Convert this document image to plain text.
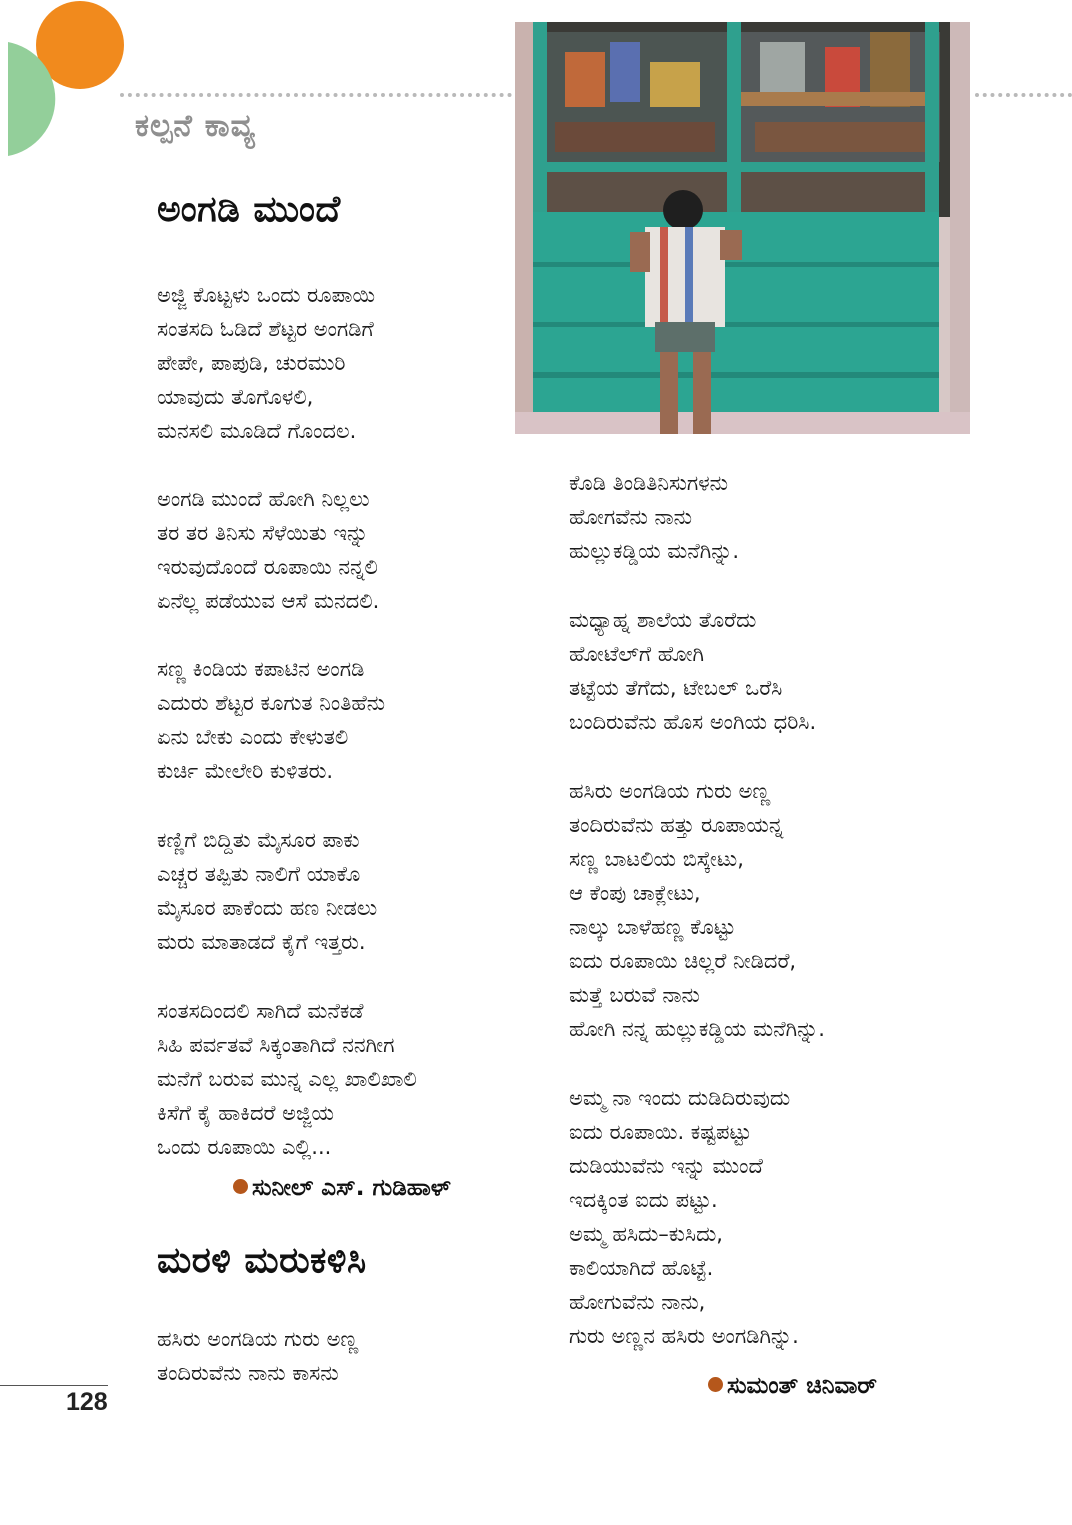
ಕಲ್ಪನೆ ಕಾವ್ಯ
ಅಂಗಡಿ ಮುಂದೆ
ಅಜ್ಜಿ ಕೊಟ್ಟಳು ಒಂದು ರೂಪಾಯಿ
ಸಂತಸದಿ ಓಡಿದೆ ಶೆಟ್ಟರ ಅಂಗಡಿಗೆ
ಪೇಪೇ, ಪಾಪುಡಿ, ಚುರಮುರಿ
ಯಾವುದು ತೊಗೊಳಲಿ,
ಮನಸಲಿ ಮೂಡಿದೆ ಗೊಂದಲ.
ಅಂಗಡಿ ಮುಂದೆ ಹೋಗಿ ನಿಲ್ಲಲು
ತರ ತರ ತಿನಿಸು ಸೆಳೆಯಿತು ಇನ್ನು
ಇರುವುದೊಂದೆ ರೂಪಾಯಿ ನನ್ನಲಿ
ಏನೆಲ್ಲ ಪಡೆಯುವ ಆಸೆ ಮನದಲಿ.
ಸಣ್ಣ ಕಿಂಡಿಯ ಕಪಾಟಿನ ಅಂಗಡಿ
ಎದುರು ಶೆಟ್ಟರ ಕೂಗುತ ನಿಂತಿಹೆನು
ಏನು ಬೇಕು ಎಂದು ಕೇಳುತಲಿ
ಕುರ್ಚಿ ಮೇಲೇರಿ ಕುಳಿತರು.
ಕಣ್ಣಿಗೆ ಬಿದ್ದಿತು ಮೈಸೂರ ಪಾಕು
ಎಚ್ಚರ ತಪ್ಪಿತು ನಾಲಿಗೆ ಯಾಕೊ
ಮೈಸೂರ ಪಾಕೆಂದು ಹಣ ನೀಡಲು
ಮರು ಮಾತಾಡದೆ ಕೈಗೆ ಇತ್ತರು.
ಸಂತಸದಿಂದಲಿ ಸಾಗಿದೆ ಮನೆಕಡೆ
ಸಿಹಿ ಪರ್ವತವೆ ಸಿಕ್ಕಂತಾಗಿದೆ ನನಗೀಗ
ಮನೆಗೆ ಬರುವ ಮುನ್ನ ಎಲ್ಲ ಖಾಲಿಖಾಲಿ
ಕಿಸೆಗೆ ಕೈ ಹಾಕಿದರೆ ಅಜ್ಜಿಯ
ಒಂದು ರೂಪಾಯಿ ಎಲ್ಲಿ...
ಸುನೀಲ್ ಎಸ್. ಗುಡಿಹಾಳ್
ಮರಳಿ ಮರುಕಳಿಸಿ
ಹಸಿರು ಅಂಗಡಿಯ ಗುರು ಅಣ್ಣ
ತಂದಿರುವೆನು ನಾನು ಕಾಸನು
ಕೊಡಿ ತಿಂಡಿತಿನಿಸುಗಳನು
ಹೋಗವೆನು ನಾನು
ಹುಲ್ಲುಕಡ್ಡಿಯ ಮನೆಗಿನ್ನು.
ಮಧ್ಯಾಹ್ನ ಶಾಲೆಯ ತೊರೆದು
ಹೋಟೆಲ್‌ಗೆ ಹೋಗಿ
ತಟ್ಟೆಯ ತೆಗೆದು, ಟೇಬಲ್ ಒರೆಸಿ
ಬಂದಿರುವೆನು ಹೊಸ ಅಂಗಿಯ ಧರಿಸಿ.
ಹಸಿರು ಅಂಗಡಿಯ ಗುರು ಅಣ್ಣ
ತಂದಿರುವೆನು ಹತ್ತು ರೂಪಾಯನ್ನ
ಸಣ್ಣ ಬಾಟಲಿಯ ಬಿಸ್ಕೇಟು,
ಆ ಕೆಂಪು ಚಾಕ್ಲೇಟು,
ನಾಲ್ಕು ಬಾಳೆಹಣ್ಣ ಕೊಟ್ಟು
ಐದು ರೂಪಾಯಿ ಚಿಲ್ಲರೆ ನೀಡಿದರೆ,
ಮತ್ತೆ ಬರುವೆ ನಾನು
ಹೋಗಿ ನನ್ನ ಹುಲ್ಲುಕಡ್ಡಿಯ ಮನೆಗಿನ್ನು.
ಅಮ್ಮ ನಾ ಇಂದು ದುಡಿದಿರುವುದು
ಐದು ರೂಪಾಯಿ. ಕಷ್ಟಪಟ್ಟು
ದುಡಿಯುವೆನು ಇನ್ನು ಮುಂದೆ
ಇದಕ್ಕಿಂತ ಐದು ಪಟ್ಟು.
ಅಮ್ಮ ಹಸಿದು–ಕುಸಿದು,
ಕಾಲಿಯಾಗಿದೆ ಹೊಟ್ಟೆ.
ಹೋಗುವೆನು ನಾನು,
ಗುರು ಅಣ್ಣನ ಹಸಿರು ಅಂಗಡಿಗಿನ್ನು.
ಸುಮಂತ್ ಚಿನಿವಾರ್
128
